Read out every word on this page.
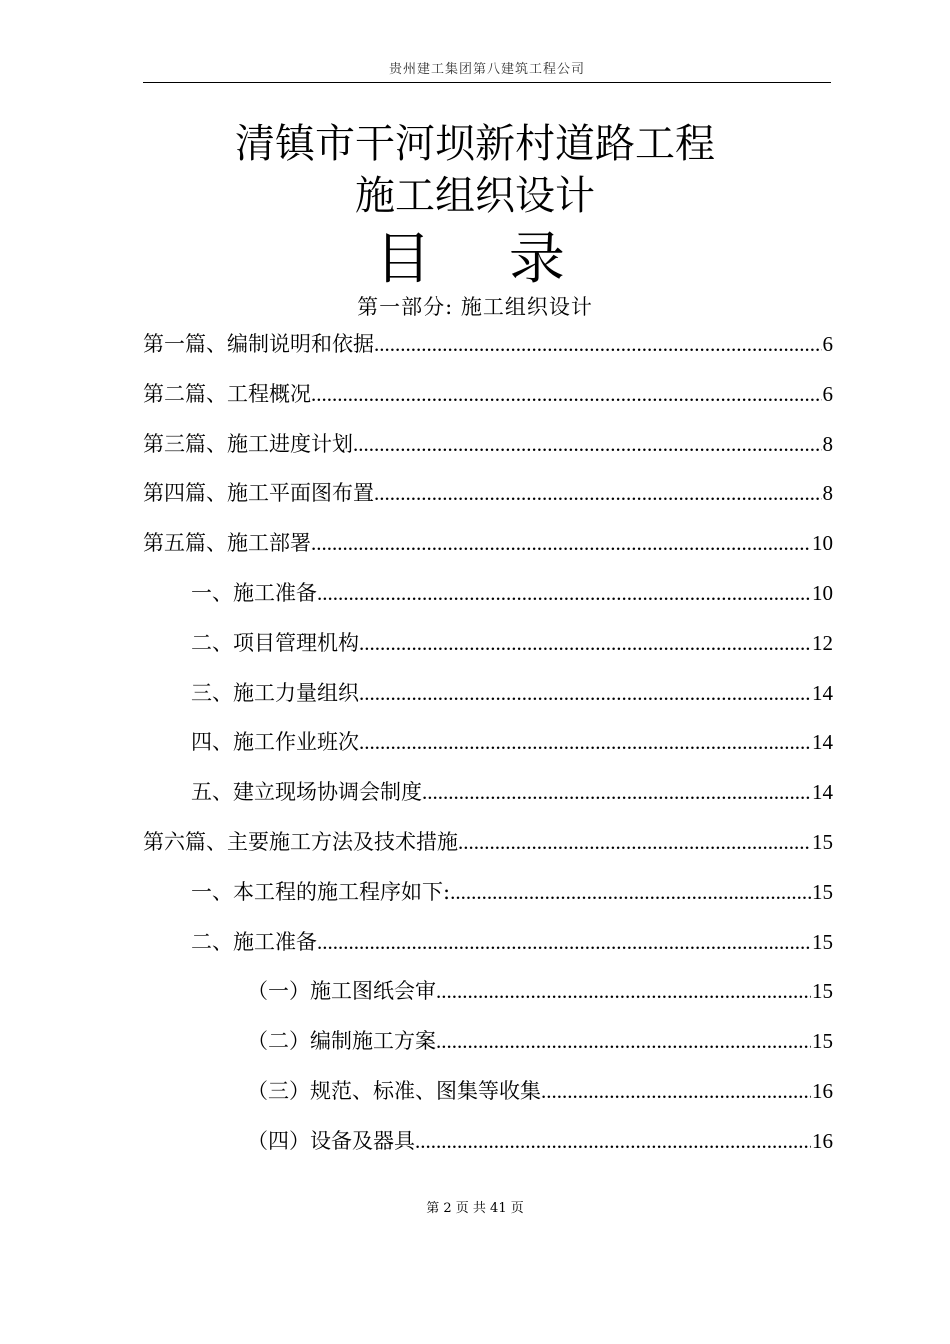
贵州建工集团第八建筑工程公司
清镇市干河坝新村道路工程
施工组织设计
目 录
第一部分: 施工组织设计
第一篇、编制说明和依据 .....	6
第二篇、工程概况 .....	6
第三篇、施工进度计划 .....	8
第四篇、施工平面图布置 .....	8
第五篇、施工部署 .....	10
一、施工准备 .....	10
二、项目管理机构 .....	12
三、施工力量组织 .....	14
四、施工作业班次 .....	14
五、建立现场协调会制度 .....	14
第六篇、主要施工方法及技术措施 .....	15
一、本工程的施工程序如下: .....	15
二、施工准备 .....	15
（一）施工图纸会审 .....	15
（二）编制施工方案 .....	15
（三）规范、标准、图集等收集 .....	16
（四）设备及器具 .....	16
第 2 页 共 41 页
